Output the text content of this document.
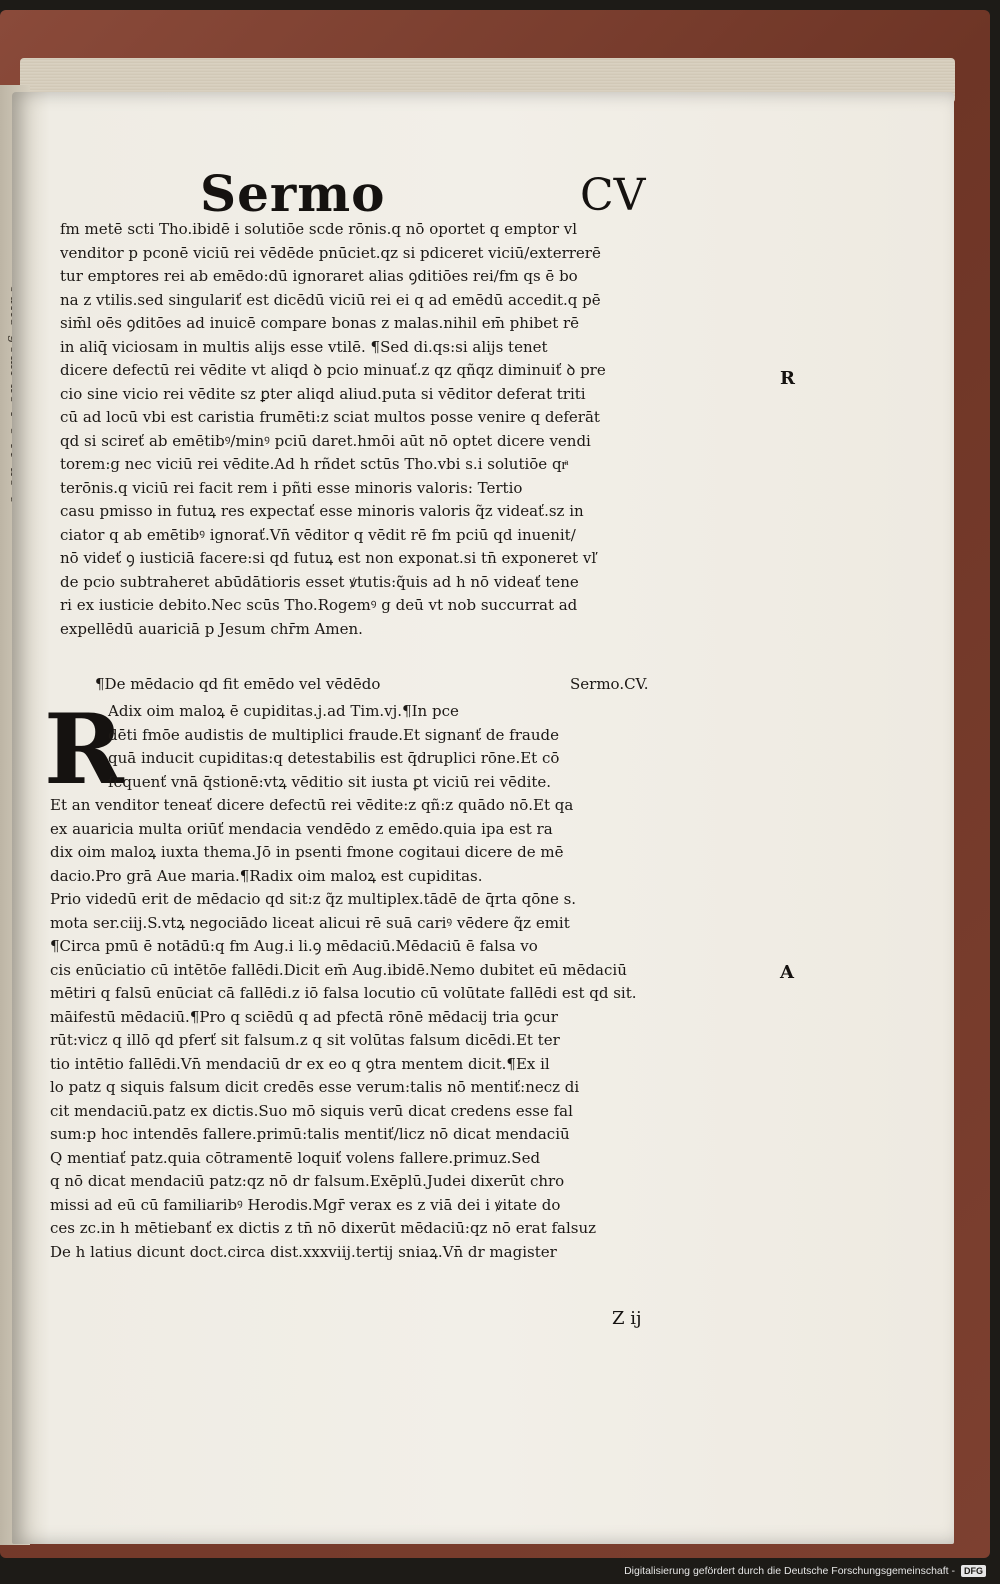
Sermo	CV
fm metē scti Tho.ibidē i solutiōe scde rōnis.q nō oportet q emptor vl
venditor p pconē viciū rei vēdēde pnūciet.qz si pdiceret viciū/exterrerē
tur emptores rei ab emēdo:dū ignoraret alias ꝯditiōes rei/fm qs ē bo
na z vtilis.sed singulariť est dicēdū viciū rei ei q ad emēdū accedit.q pē
sim̄l oēs ꝯditōes ad inuicē compare bonas z malas.nihil em̄ phibet rē
in aliq̄ viciosam in multis alijs esse vtilē. ¶Sed di.qs:si alijs tenet
dicere defectū rei vēdite vt aliqd ꝺ pcio minuať.z qz qñqz diminuiť ꝺ pre
cio sine vicio rei vēdite sz ꝑter aliqd aliud.puta si vēditor deferat triti
cū ad locū vbi est caristia frumēti:z sciat multos posse venire q deferāt
qd si scireť ab emētibꝰ/minꝰ pciū daret.hmōi aūt nō optet dicere vendi
torem:g nec viciū rei vēdite.Ad h rñdet sctūs Tho.vbi s.i solutiōe qrͣ
terōnis.q viciū rei facit rem i pñti esse minoris valoris: Tertio
casu pmisso in futuꝝ res expectať esse minoris valoris q̃z videať.sz in
ciator q ab emētibꝰ ignorať.Vn̄ vēditor q vēdit rē fm pciū qd inuenit/
nō videť ꝯ iusticiā facere:si qd futuꝝ est non exponat.si tn̄ exponeret vľ
de pcio subtraheret abūdātioris esset ꝟtutis:q̃uis ad h nō videať tene
ri ex iusticie debito.Nec scūs Tho.Rogemꝰ g deū vt nob succurrat ad
expellēdū auariciā p Jesum chr̄m Amen.
¶De mēdacio qd fit emēdo vel vēdēdo	Sermo.CV.
R
Adix oim maloꝝ ē cupiditas.j.ad Tim.vj.¶In pce
dēti fmōe audistis de multiplici fraude.Et signanť de fraude
quā inducit cupiditas:q detestabilis est q̄druplici rōne.Et cō
ſequenť vnā q̄stionē:vtꝝ vēditio sit iusta ꝑt viciū rei vēdite.
Et an venditor teneať dicere defectū rei vēdite:z qñ:z quādo nō.Et qa
ex auaricia multa oriūť mendacia vendēdo z emēdo.quia ipa est ra
dix oim maloꝝ iuxta thema.Jō in psenti fmone cogitaui dicere de mē
dacio.Pro grā Aue maria.¶Radix oim maloꝝ est cupiditas.
Prio videdū erit de mēdacio qd sit:z q̃z multiplex.tādē de q̄rta qōne s.
mota ser.ciij.S.vtꝝ negociādo liceat alicui rē suā cariꝰ vēdere q̃z emit
¶Circa pmū ē notādū:q fm Aug.i li.ꝯ mēdaciū.Mēdaciū ē falsa vo
cis enūciatio cū intētōe fallēdi.Dicit em̄ Aug.ibidē.Nemo dubitet eū mēdaciū
mētiri q falsū enūciat cā fallēdi.z iō falsa locutio cū volūtate fallēdi est qd sit.
māifestū mēdaciū.¶Pro q sciēdū q ad pfectā rōnē mēdacij tria ꝯcur
rūt:vicz q illō qd pferť sit falsum.z q sit volūtas falsum dicēdi.Et ter
tio intētio fallēdi.Vn̄ mendaciū dr ex eo q ꝯtra mentem dicit.¶Ex il
lo patz q siquis falsum dicit credēs esse verum:talis nō mentiť:necz di
cit mendaciū.patz ex dictis.Suo mō siquis verū dicat credens esse fal
sum:p hoc intendēs fallere.primū:talis mentiť/licz nō dicat mendaciū
Q mentiať patz.quia cōtramentē loquiť volens fallere.primuz.Sed
q nō dicat mendaciū patz:qz nō dr falsum.Exēplū.Judei dixerūt chro
missi ad eū cū familiaribꝰ Herodis.Mgr̄ verax es z viā dei i ꝟitate do
ces zc.in h mētiebanť ex dictis z tn̄ nō dixerūt mēdaciū:qz nō erat falsuz
De h latius dicunt doct.circa dist.xxxviij.tertij sniaꝝ.Vn̄ dr magister
R
A
Z ij
Digitalisierung gefördert durch die Deutsche Forschungsgemeinschaft -	DFG
